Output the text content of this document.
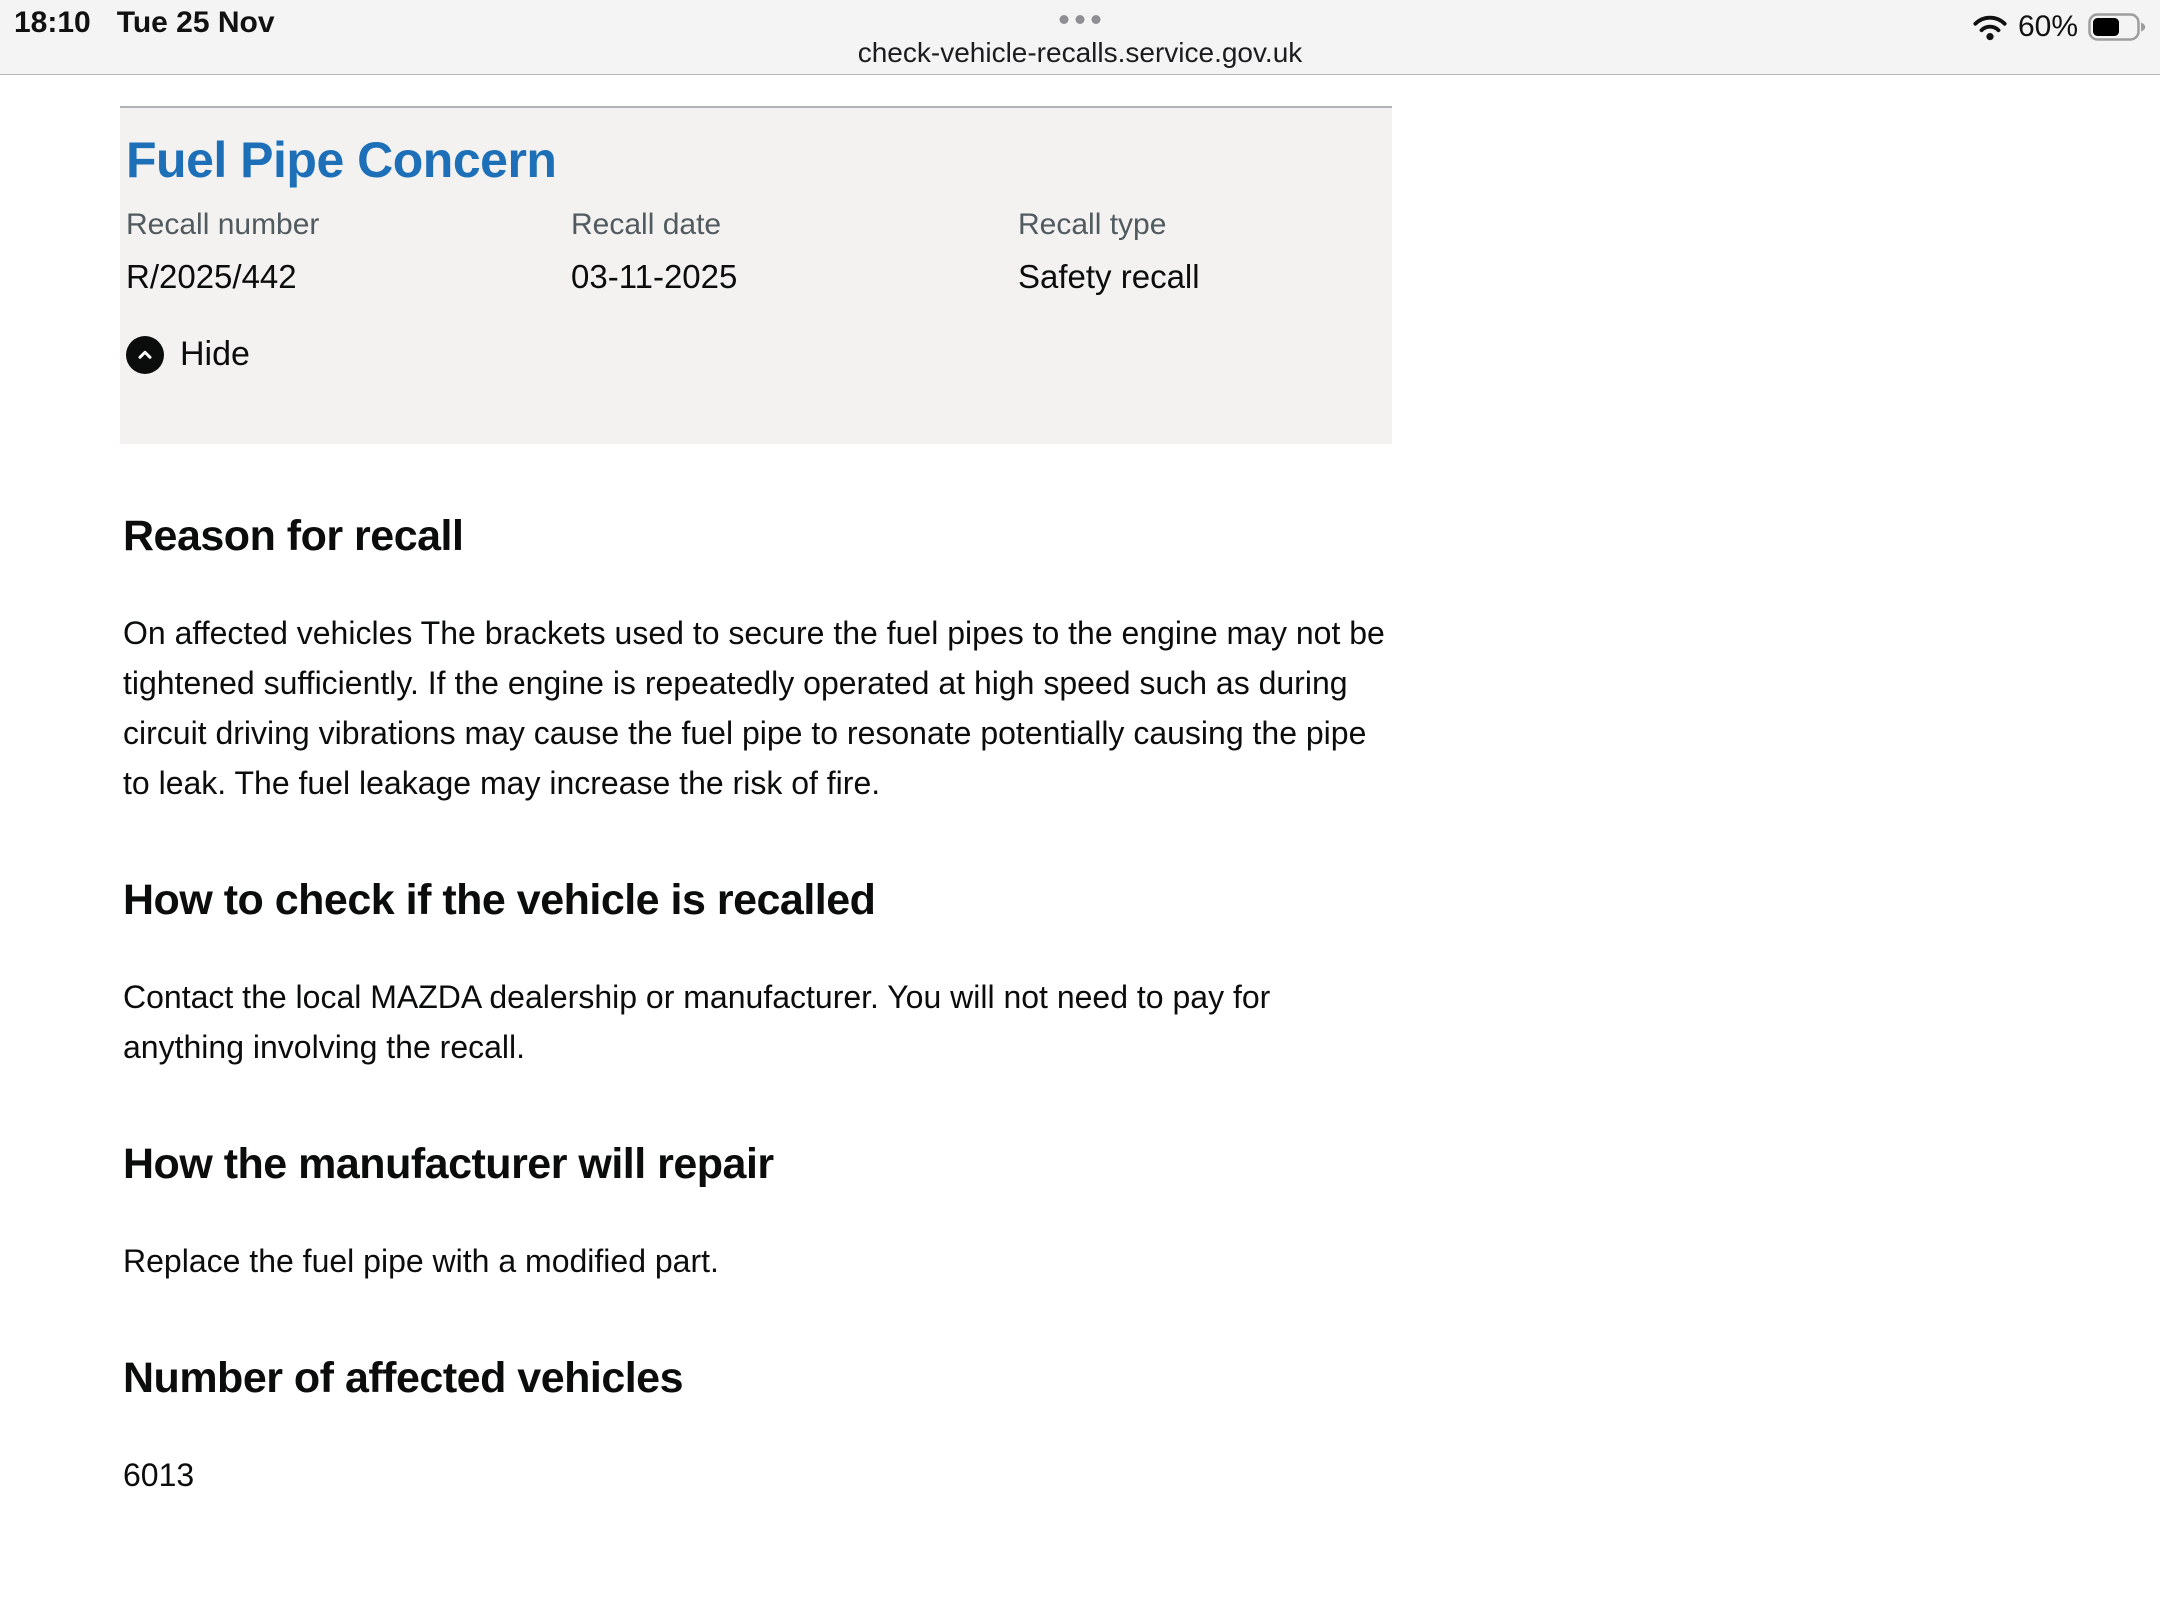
18:10 Tue 25 Nov
check-vehicle-recalls.service.gov.uk
60%
Fuel Pipe Concern
Recall number
R/2025/442
Recall date
03-11-2025
Recall type
Safety recall
Hide
Reason for recall

On affected vehicles The brackets used to secure the fuel pipes to the engine may not be tightened sufficiently. If the engine is repeatedly operated at high speed such as during circuit driving vibrations may cause the fuel pipe to resonate potentially causing the pipe to leak. The fuel leakage may increase the risk of fire.

How to check if the vehicle is recalled

Contact the local MAZDA dealership or manufacturer. You will not need to pay for anything involving the recall.

How the manufacturer will repair

Replace the fuel pipe with a modified part.

Number of affected vehicles

6013
